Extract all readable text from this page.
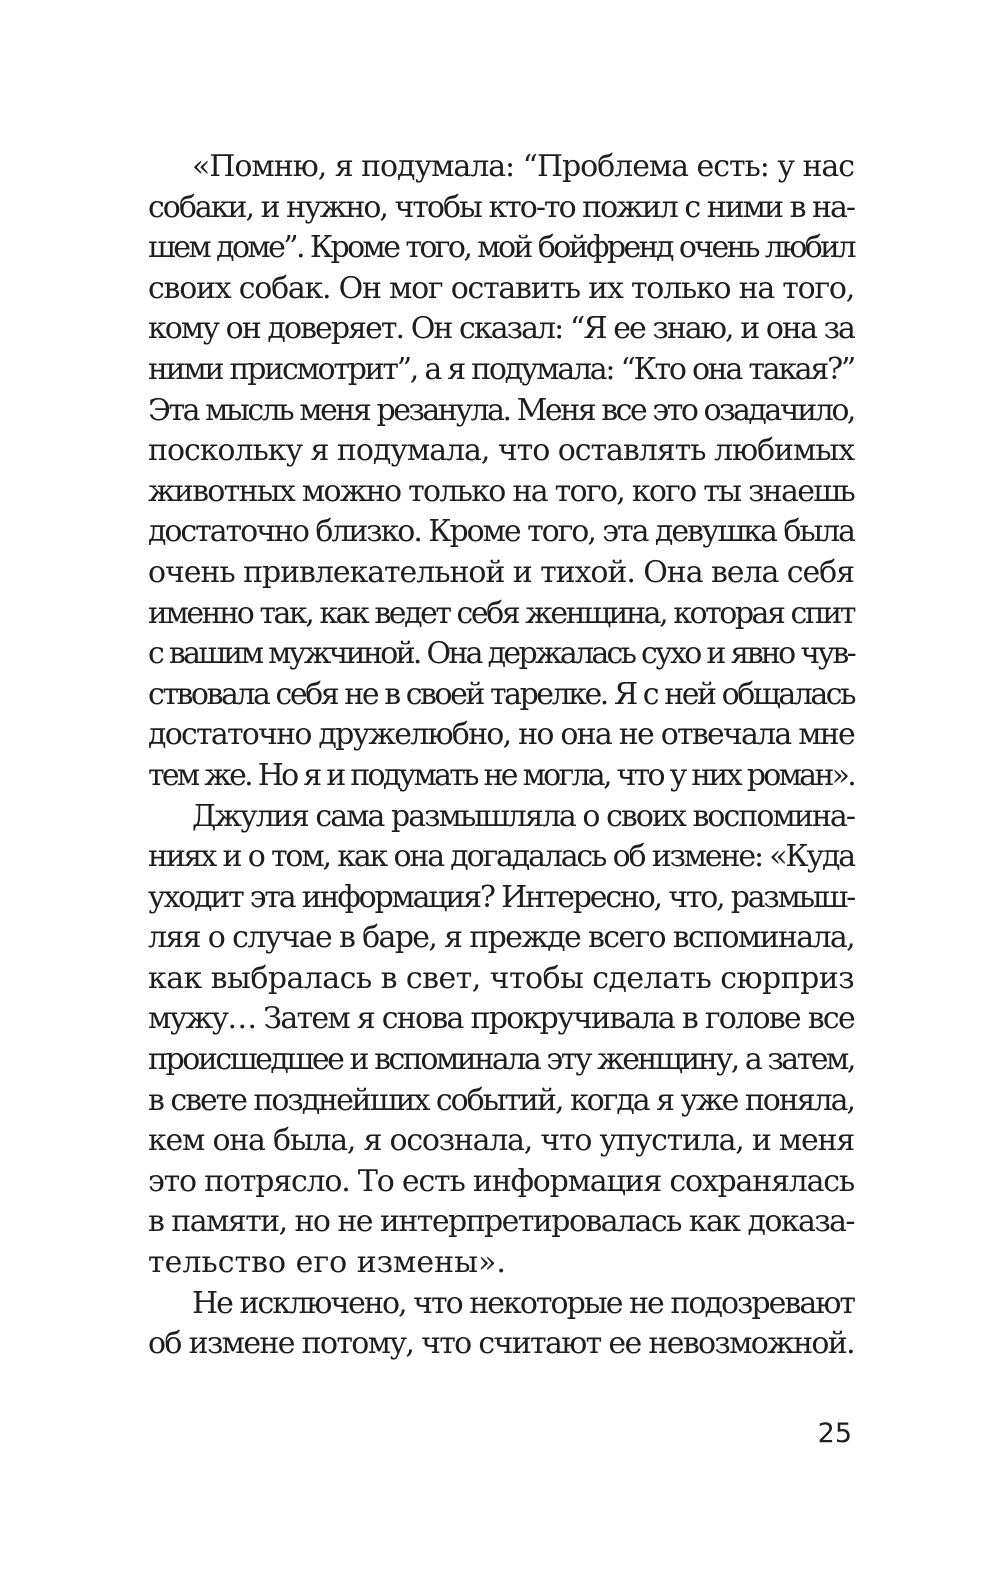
«Помню, я подумала: “Проблема есть: у нас
собаки, и нужно, чтобы кто-то пожил с ними в на-
шем доме”. Кроме того, мой бойфренд очень любил
своих собак. Он мог оставить их только на того,
кому он доверяет. Он сказал: “Я ее знаю, и она за
ними присмотрит”, а я подумала: “Кто она такая?”
Эта мысль меня резанула. Меня все это озадачило,
поскольку я подумала, что оставлять любимых
животных можно только на того, кого ты знаешь
достаточно близко. Кроме того, эта девушка была
очень привлекательной и тихой. Она вела себя
именно так, как ведет себя женщина, которая спит
с вашим мужчиной. Она держалась сухо и явно чув-
ствовала себя не в своей тарелке. Я с ней общалась
достаточно дружелюбно, но она не отвечала мне
тем же. Но я и подумать не могла, что у них роман».
Джулия сама размышляла о своих воспомина-
ниях и о том, как она догадалась об измене: «Куда
уходит эта информация? Интересно, что, размыш-
ляя о случае в баре, я прежде всего вспоминала,
как выбралась в свет, чтобы сделать сюрприз
мужу… Затем я снова прокручивала в голове все
происшедшее и вспоминала эту женщину, а затем,
в свете позднейших событий, когда я уже поняла,
кем она была, я осознала, что упустила, и меня
это потрясло. То есть информация сохранялась
в памяти, но не интерпретировалась как доказа-
тельство его измены».
Не исключено, что некоторые не подозревают
об измене потому, что считают ее невозможной.
25
